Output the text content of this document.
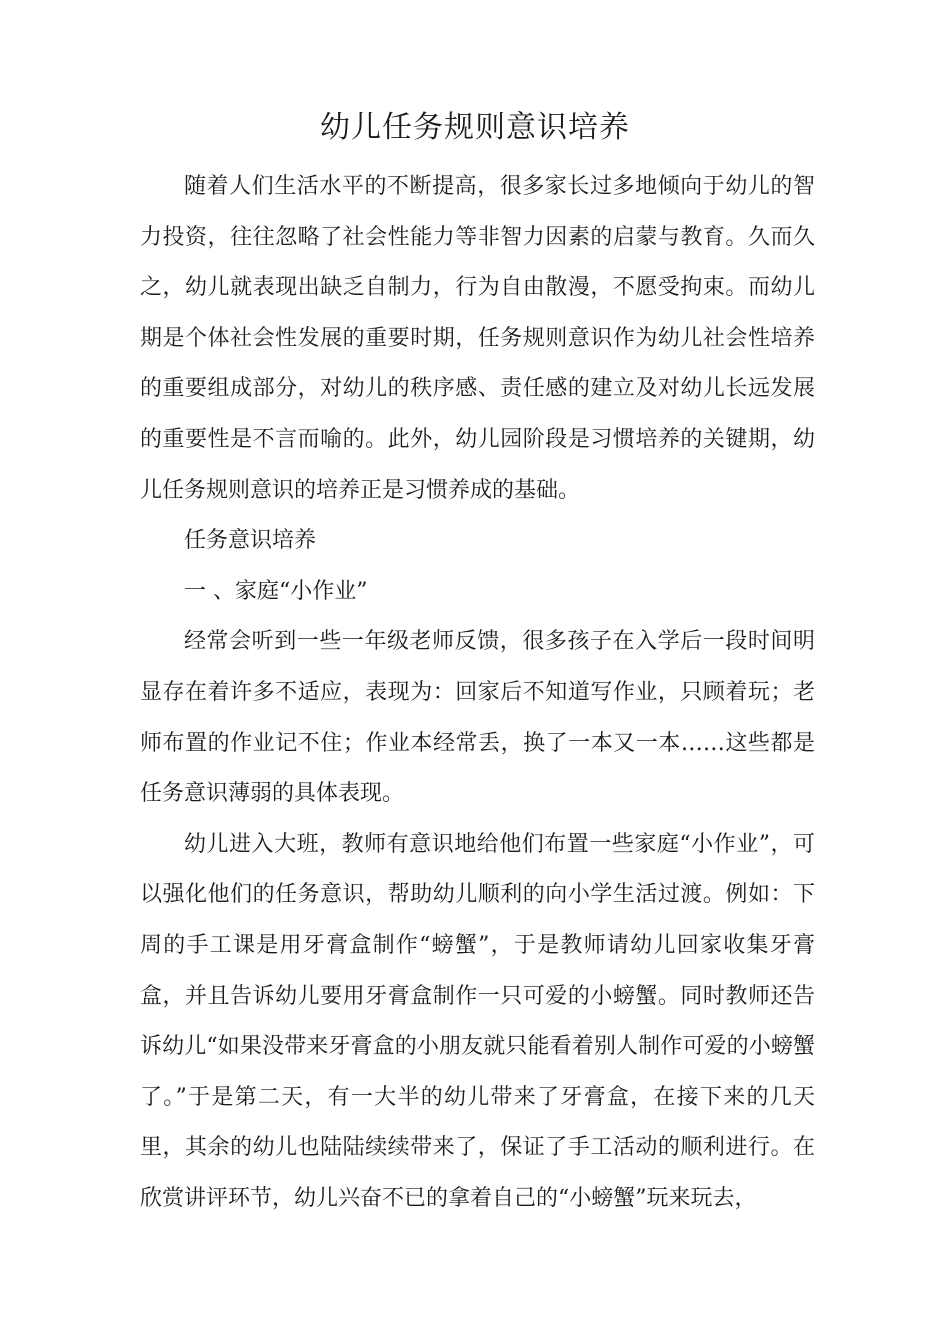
幼儿任务规则意识培养

随着人们生活水平的不断提高，很多家长过多地倾向于幼儿的智力投资，往往忽略了社会性能力等非智力因素的启蒙与教育。久而久之，幼儿就表现出缺乏自制力，行为自由散漫，不愿受拘束。而幼儿期是个体社会性发展的重要时期，任务规则意识作为幼儿社会性培养的重要组成部分，对幼儿的秩序感、责任感的建立及对幼儿长远发展的重要性是不言而喻的。此外，幼儿园阶段是习惯培养的关键期，幼儿任务规则意识的培养正是习惯养成的基础。

任务意识培养

一 、家庭“小作业”

经常会听到一些一年级老师反馈，很多孩子在入学后一段时间明显存在着许多不适应，表现为：回家后不知道写作业，只顾着玩；老师布置的作业记不住；作业本经常丢，换了一本又一本……这些都是任务意识薄弱的具体表现。

幼儿进入大班，教师有意识地给他们布置一些家庭“小作业”，可以强化他们的任务意识，帮助幼儿顺利的向小学生活过渡。例如：下周的手工课是用牙膏盒制作“螃蟹”，于是教师请幼儿回家收集牙膏盒，并且告诉幼儿要用牙膏盒制作一只可爱的小螃蟹。同时教师还告诉幼儿“如果没带来牙膏盒的小朋友就只能看着别人制作可爱的小螃蟹了。”于是第二天，有一大半的幼儿带来了牙膏盒，在接下来的几天里，其余的幼儿也陆陆续续带来了，保证了手工活动的顺利进行。在欣赏讲评环节，幼儿兴奋不已的拿着自己的“小螃蟹”玩来玩去，
